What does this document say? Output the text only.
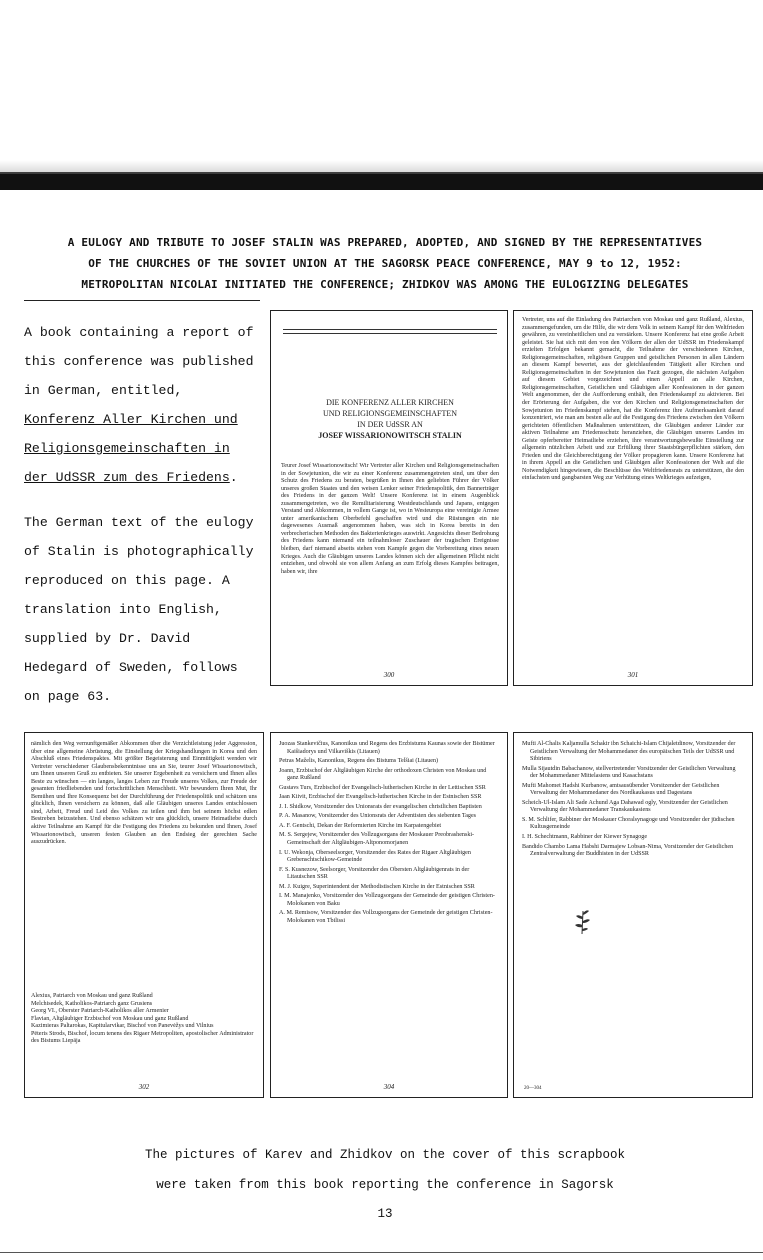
A EULOGY AND TRIBUTE TO JOSEF STALIN WAS PREPARED, ADOPTED, AND SIGNED BY THE REPRESENTATIVES
OF THE CHURCHES OF THE SOVIET UNION AT THE SAGORSK PEACE CONFERENCE, MAY 9 to 12, 1952:
METROPOLITAN NICOLAI INITIATED THE CONFERENCE; ZHIDKOV WAS AMONG THE EULOGIZING DELEGATES

A book containing a report of this conference was published in German, entitled, Konferenz Aller Kirchen und Religionsgemeinschaften in der UdSSR zum des Friedens.

The German text of the eulogy of Stalin is photographically reproduced on this page. A translation into English, supplied by Dr. David Hedegard of Sweden, follows on page 63.

DIE KONFERENZ ALLER KIRCHEN
UND RELIGIONSGEMEINSCHAFTEN
IN DER UdSSR AN
JOSEF WISSARIONOWITSCH STALIN
Teurer Josef Wissarionowitsch! Wir Vertreter aller Kirchen und Religionsgemeinschaften in der Sowjetunion, die wir zu einer Konferenz zusammengetreten sind, um über den Schutz des Friedens zu beraten, begrüßen in Ihnen den geliebten Führer der Völker unseres großen Staates und den weisen Lenker seiner Friedenspolitik, den Bannerträger des Friedens in der ganzen Welt! Unsere Konferenz ist in einem Augenblick zusammengetreten, wo die Remilitarisierung Westdeutschlands und Japans, entgegen Verstand und Abkommen, in vollem Gange ist, wo in Westeuropa eine vereinigte Armee unter amerikanischem Oberbefehl geschaffen wird und die Rüstungen ein nie dagewesenes Ausmaß angenommen haben, was sich in Korea bereits in den verbrecherischen Methoden des Bakterienkrieges auswirkt. Angesichts dieser Bedrohung des Friedens kann niemand ein teilnahmloser Zuschauer der tragischen Ereignisse bleiben, darf niemand abseits stehen vom Kampfe gegen die Vorbereitung eines neuen Krieges. Auch die Gläubigen unseres Landes können sich der allgemeinen Pflicht nicht entziehen, und obwohl sie von allem Anfang an zum Erfolg dieses Kampfes beitragen, haben wir, ihre
300
Vertreter, uns auf die Einladung des Patriarchen von Moskau und ganz Rußland, Alexius, zusammengefunden, um die Hilfe, die wir dem Volk in seinem Kampf für den Weltfrieden gewähren, zu vereinheitlichen und zu verstärken. Unsere Konferenz hat eine große Arbeit geleistet. Sie hat sich mit den von den Völkern der allen der UdSSR im Friedenskampf erzielten Erfolgen bekannt gemacht, die Teilnahme der verschiedenen Kirchen, Religionsgemeinschaften, religiösen Gruppen und geistlichen Personen in allen Ländern an diesem Kampf bewertet, aus der gleichlaufenden Tätigkeit aller Kirchen und Religionsgemeinschaften in der Sowjetunion das Fazit gezogen, die nächsten Aufgaben auf diesem Gebiet vorgezeichnet und einen Appell an alle Kirchen, Religionsgemeinschaften, Geistlichen und Gläubigen aller Konfessionen in der ganzen Welt angenommen, der die Aufforderung enthält, den Friedenskampf zu aktivieren. Bei der Erörterung der Aufgaben, die vor den Kirchen und Religionsgemeinschaften der Sowjetunion im Friedenskampf stehen, hat die Konferenz ihre Aufmerksamkeit darauf konzentriert, wie man am besten alle auf die Festigung des Friedens zwischen den Völkern gerichteten öffentlichen Maßnahmen unterstützen, die Gläubigen anderer Länder zur aktiven Teilnahme am Friedensschutz heranziehen, die Gläubigen unseres Landes im Geiste opferbereiter Heimatliebe erziehen, ihre verantwortungsbewußte Einstellung zur allgemein nützlichen Arbeit und zur Erfüllung ihrer Staatsbürgerpflichten stärken, den Frieden und die Gleichberechtigung der Völker propagieren kann. Unsere Konferenz hat in ihrem Appell an die Geistlichen und Gläubigen aller Konfessionen der Welt auf die Notwendigkeit hingewiesen, die Beschlüsse des Weltfriedensrats zu unterstützen, die den einfachsten und gangbarsten Weg zur Verhütung eines Weltkrieges aufzeigen,
301
nämlich den Weg vernunftgemäßer Abkommen über die Verzichtleistung jeder Aggression, über eine allgemeine Abrüstung, die Einstellung der Kriegshandlungen in Korea und den Abschluß eines Friedenspaktes. Mit größter Begeisterung und Einmütigkeit wenden wir Vertreter verschiedener Glaubensbekenntnisse uns an Sie, teurer Josef Wissarionowitsch, um Ihnen unseren Gruß zu entbieten. Sie unserer Ergebenheit zu versichern und Ihnen alles Beste zu wünschen — ein langes, langes Leben zur Freude unseres Volkes, zur Freude der gesamten friedliebenden und fortschrittlichen Menschheit. Wir bewundern Ihren Mut, Ihr Bemühen und Ihre Konsequenz bei der Durchführung der Friedenspolitik und schätzen uns glücklich, Ihnen versichern zu können, daß alle Gläubigen unseres Landes entschlossen sind, Arbeit, Freud und Leid des Volkes zu teilen und ihm bei seinem höchst edlen Bestreben beizustehen. Und ebenso schätzen wir uns glücklich, unsere Heimatliebe durch aktive Teilnahme am Kampf für die Festigung des Friedens zu bekunden und Ihnen, Josef Wissarionowitsch, unseren festen Glauben an den Endsieg der gerechten Sache auszudrücken.
Alexius, Patriarch von Moskau und ganz Rußland
Melchisedek, Katholikos-Patriarch ganz Grusiens
Georg VI., Oberster Patriarch-Katholikos aller Armenier
Flavian, Altgläubiger Erzbischof von Moskau und ganz Rußland
Kazimieras Paltarokas, Kapitularvikar, Bischof von Panevėžys und Vilnius
Pēteris Strods, Bischof, locum tenens des Rigaer Metropoliten, apostolischer Administrator des Bistums Liepāja
302
Juozas Stankevičius, Kanonikus und Regens des Erzbistums Kaunas sowie der Bistümer Kaišiadorys und Vilkaviškis (Litauen)
Petras Maželis, Kanonikus, Regens des Bistums Telšiai (Litauen)
Joann, Erzbischof der Altgläubigen Kirche der orthodoxen Christen von Moskau und ganz Rußland
Gustavs Turs, Erzbischof der Evangelisch-lutherischen Kirche in der Lettischen SSR
Jaan Kiivit, Erzbischof der Evangelisch-lutherischen Kirche in der Estnischen SSR
J. I. Shidkow, Vorsitzender des Unionsrats der evangelischen christlichen Baptisten
P. A. Masanow, Vorsitzender des Unionsrats der Adventisten des siebenten Tages
A. F. Gentschi, Dekan der Reformierten Kirche im Karpatengebiet
M. S. Sergejew, Vorsitzender des Vollzugsorgans der Moskauer Preobrashenski-Gemeinschaft der Altgläubigen-Altponomorjanen
I. U. Wekonja, Oberseelsorger, Vorsitzender des Rates der Rigaer Altgläubigen Grebenschtschikow-Gemeinde
F. S. Kusnezow, Seelsorger, Vorsitzender des Obersten Altgläubigenrats in der Litauischen SSR
M. J. Kuigre, Superintendent der Methodistischen Kirche in der Estnischen SSR
I. M. Manajenko, Vorsitzender des Vollzugsorgans der Gemeinde der geistigen Christen-Molokanen von Baku
A. M. Remisow, Vorsitzender des Vollzugsorgans der Gemeinde der geistigen Christen-Molokanen von Tbilissi
304
Mufti Al-Chalis Kaljamulla Schakir ibn Schaichi-Islam Chijaletdinow, Vorsitzender der Geistlichen Verwaltung der Mohammedaner des europäischen Teils der UdSSR und Sibiriens
Mulla Sijautdin Babachanow, stellvertretender Vorsitzender der Geistlichen Verwaltung der Mohammedaner Mittelasiens und Kasachstans
Mufti Mahomet Hadshi Kurbanow, amtsausübender Vorsitzender der Geistlichen Verwaltung der Mohammedaner des Nordkaukasus und Dagestans
Scheich-Ul-Islam Ali Sade Achund Aga Dahawad ogly, Vorsitzender der Geistlichen Verwaltung der Mohammedaner Transkaukasiens
S. M. Schlifer, Rabbiner der Moskauer Choralsynagoge und Vorsitzender der jüdischen Kultusgemeinde
I. H. Schechtmann, Rabbiner der Kiewer Synagoge
Bandido Chambo Lama Habshi Darmajew Lobsan-Nima, Vorsitzender der Geistlichen Zentralverwaltung der Buddhisten in der UdSSR
20—304
The pictures of Karev and Zhidkov on the cover of this scrapbook
were taken from this book reporting the conference in Sagorsk
13
